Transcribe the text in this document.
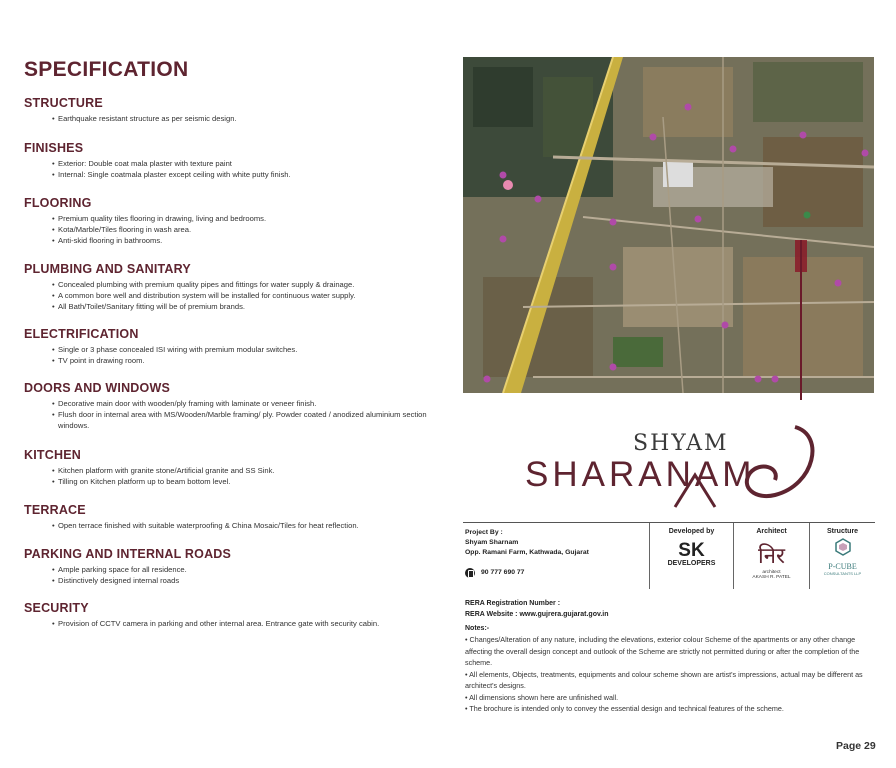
SPECIFICATION
STRUCTURE
• Earthquake resistant structure as per seismic design.
FINISHES
• Exterior: Double coat mala plaster with texture paint
• Internal: Single coatmala plaster except ceiling with white putty finish.
FLOORING
• Premium quality tiles flooring in drawing, living and bedrooms.
• Kota/Marble/Tiles flooring in wash area.
• Anti-skid flooring in bathrooms.
PLUMBING AND SANITARY
• Concealed plumbing with premium quality pipes and fittings for water supply & drainage.
• A common bore well and distribution system will be installed for continuous water supply.
• All Bath/Toilet/Sanitary fitting will be of premium brands.
ELECTRIFICATION
• Single or 3 phase concealed ISI wiring with premium modular switches.
• TV point in drawing room.
DOORS AND WINDOWS
• Decorative main door with wooden/ply framing with laminate or veneer finish.
• Flush door in internal area with MS/Wooden/Marble framing/ ply. Powder coated / anodized aluminium section windows.
KITCHEN
• Kitchen platform with granite stone/Artificial granite and SS Sink.
• Tilling on Kitchen platform up to beam bottom level.
TERRACE
• Open terrace finished with suitable waterproofing & China Mosaic/Tiles for heat reflection.
PARKING AND INTERNAL ROADS
• Ample parking space for all residence.
• Distinctively designed internal roads
SECURITY
• Provision of CCTV camera in parking and other internal area. Entrance gate with security cabin.
SHYAM
SHARANAM
Project By :
Shyam Sharnam
Opp. Ramani Farm, Kathwada, Gujarat
90 777 690 77
Developed by
SK
DEVELOPERS
Architect
निर
architect
AKASH R. PATEL
Structure
P-CUBE
CONSULTANTS LLP
RERA Registration Number :
RERA Website : www.gujrera.gujarat.gov.in
Notes:-
• Changes/Alteration of any nature, including the elevations, exterior colour Scheme of the apartments or any other change affecting the overall design concept and outlook of the Scheme are strictly not permitted during or after the completion of the scheme.
• All elements, Objects, treatments, equipments and colour scheme shown are artist's impressions, actual may be different as architect's designs.
• All dimensions shown here are unfinished wall.
• The brochure is intended only to convey the essential design and technical features of the scheme.
Page 29
